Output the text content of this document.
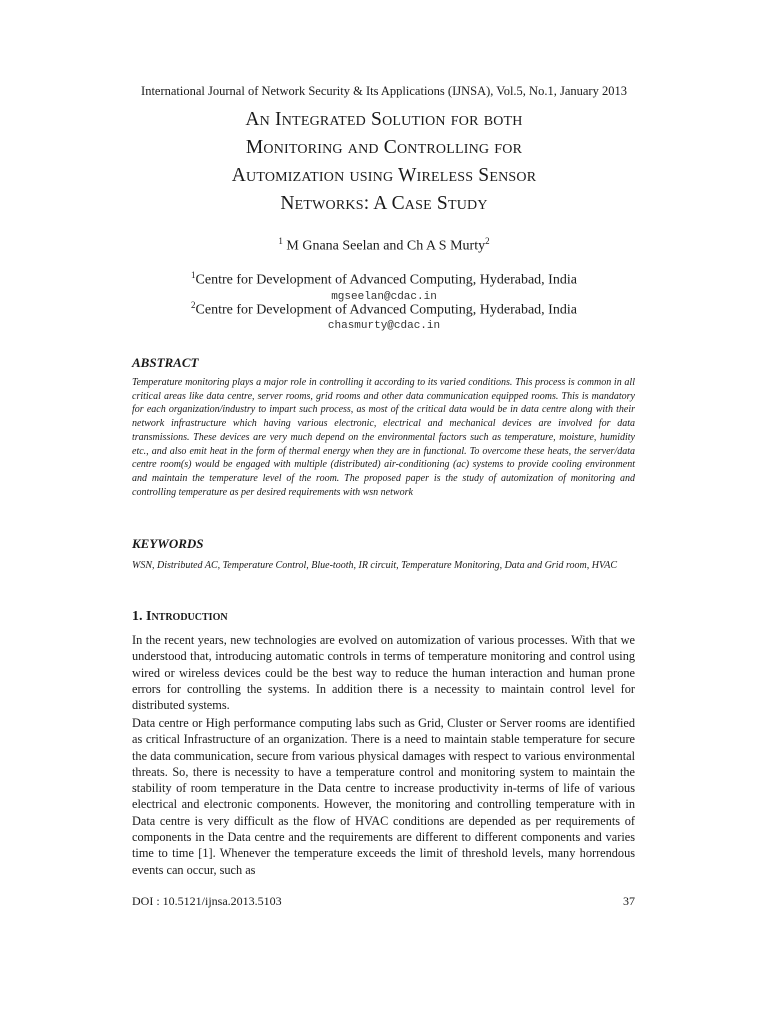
International Journal of Network Security & Its Applications (IJNSA), Vol.5, No.1, January 2013
An Integrated Solution for both
Monitoring and Controlling for
Automization using Wireless Sensor
Networks: A Case Study
$^1$ M Gnana Seelan and Ch A S Murty$^2$
$^1$Centre for Development of Advanced Computing, Hyderabad, India
mgseelan@cdac.in
$^2$Centre for Development of Advanced Computing, Hyderabad, India
chasmurty@cdac.in
ABSTRACT
Temperature monitoring plays a major role in controlling it according to its varied conditions. This process is common in all critical areas like data centre, server rooms, grid rooms and other data communication equipped rooms. This is mandatory for each organization/industry to impart such process, as most of the critical data would be in data centre along with their network infrastructure which having various electronic, electrical and mechanical devices are involved for data transmissions. These devices are very much depend on the environmental factors such as temperature, moisture, humidity etc., and also emit heat in the form of thermal energy when they are in functional. To overcome these heats, the server/data centre room(s) would be engaged with multiple (distributed) air-conditioning (ac) systems to provide cooling environment and maintain the temperature level of the room. The proposed paper is the study of automization of monitoring and controlling temperature as per desired requirements with wsn network
KEYWORDS
WSN, Distributed AC, Temperature Control, Blue-tooth, IR circuit, Temperature Monitoring, Data and Grid room, HVAC
1. Introduction

In the recent years, new technologies are evolved on automization of various processes. With that we understood that, introducing automatic controls in terms of temperature monitoring and control using wired or wireless devices could be the best way to reduce the human interaction and human prone errors for controlling the systems. In addition there is a necessity to maintain control level for distributed systems.

Data centre or High performance computing labs such as Grid, Cluster or Server rooms are identified as critical Infrastructure of an organization. There is a need to maintain stable temperature for secure the data communication, secure from various physical damages with respect to various environmental threats. So, there is necessity to have a temperature control and monitoring system to maintain the stability of room temperature in the Data centre to increase productivity in-terms of life of various electrical and electronic components. However, the monitoring and controlling temperature with in Data centre is very difficult as the flow of HVAC conditions are depended as per requirements of components in the Data centre and the requirements are different to different components and varies time to time [1]. Whenever the temperature exceeds the limit of threshold levels, many horrendous events can occur, such as

DOI : 10.5121/ijnsa.2013.5103	37
